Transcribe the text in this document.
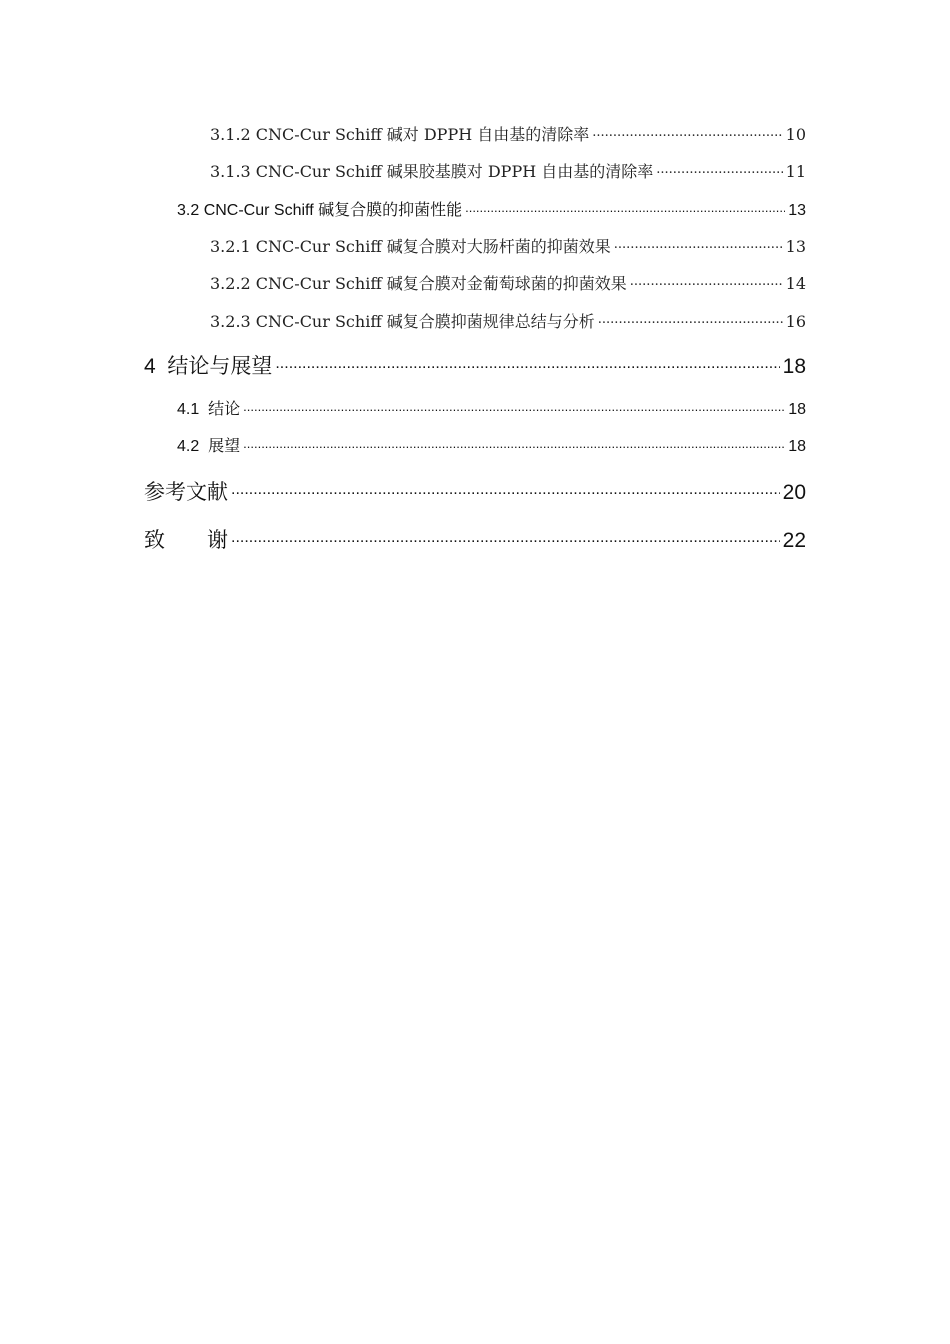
3.1.2 CNC-Cur Schiff 碱对 DPPH 自由基的清除率 .....	10
3.1.3 CNC-Cur Schiff 碱果胶基膜对 DPPH 自由基的清除率 .....	11
3.2 CNC-Cur Schiff 碱复合膜的抑菌性能 .....	13
3.2.1 CNC-Cur Schiff 碱复合膜对大肠杆菌的抑菌效果 .....	13
3.2.2 CNC-Cur Schiff 碱复合膜对金葡萄球菌的抑菌效果 .....	14
3.2.3 CNC-Cur Schiff 碱复合膜抑菌规律总结与分析 .....	16
4  结论与展望 .....	18
4.1  结论 .....	18
4.2  展望 .....	18
参考文献 .....	20
致 谢 .....	22
